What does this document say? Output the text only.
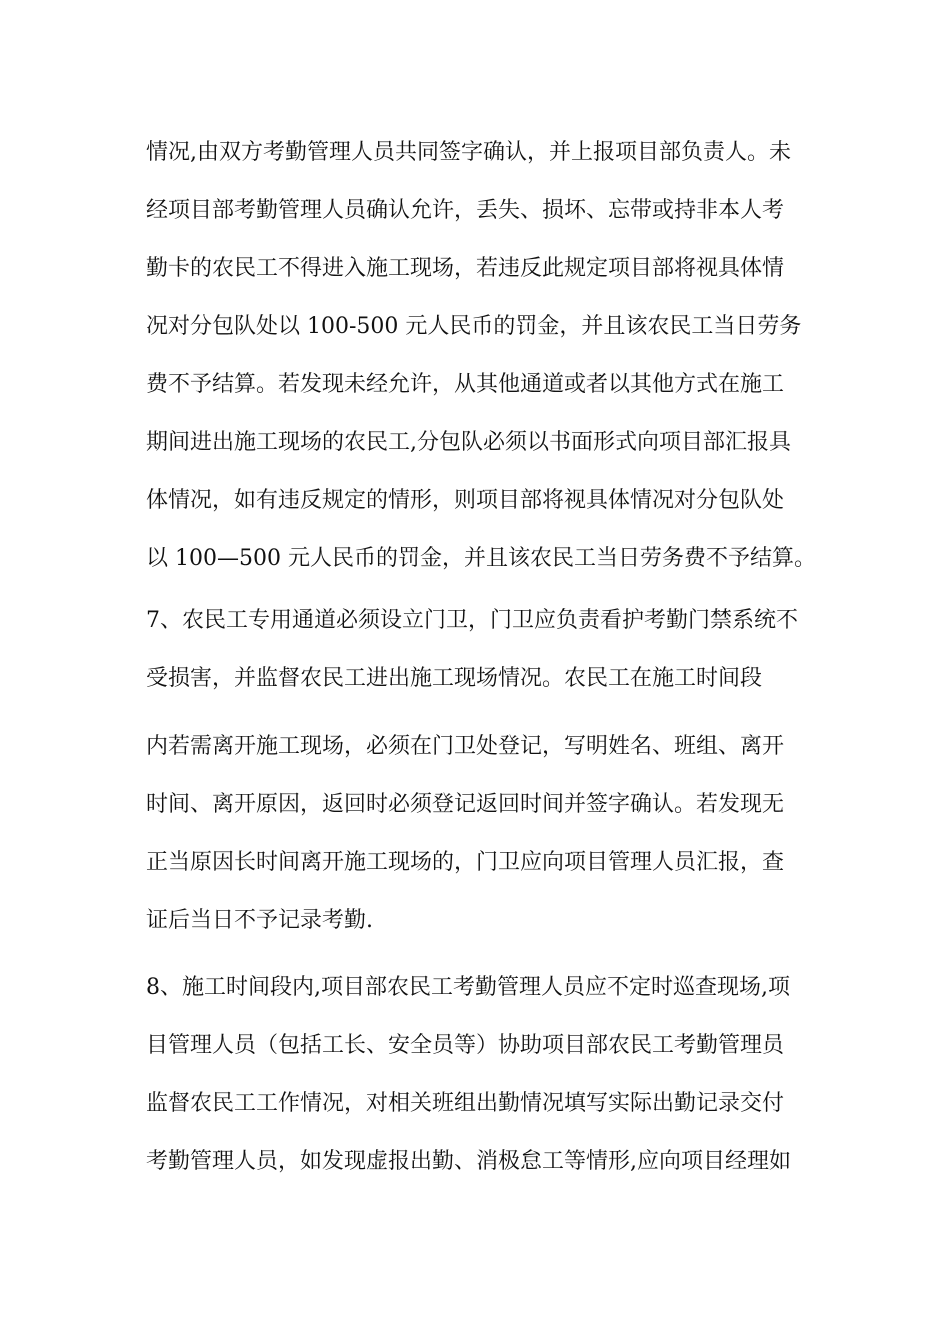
情况,由双方考勤管理人员共同签字确认，并上报项目部负责人。未
经项目部考勤管理人员确认允许，丢失、损坏、忘带或持非本人考
勤卡的农民工不得进入施工现场，若违反此规定项目部将视具体情
况对分包队处以 100-500 元人民币的罚金，并且该农民工当日劳务
费不予结算。若发现未经允许，从其他通道或者以其他方式在施工
期间进出施工现场的农民工,分包队必须以书面形式向项目部汇报具
体情况，如有违反规定的情形，则项目部将视具体情况对分包队处
以 100—500 元人民币的罚金，并且该农民工当日劳务费不予结算。
7、农民工专用通道必须设立门卫，门卫应负责看护考勤门禁系统不
受损害，并监督农民工进出施工现场情况。农民工在施工时间段
内若需离开施工现场，必须在门卫处登记，写明姓名、班组、离开
时间、离开原因，返回时必须登记返回时间并签字确认。若发现无
正当原因长时间离开施工现场的，门卫应向项目管理人员汇报，查
证后当日不予记录考勤.
8、施工时间段内,项目部农民工考勤管理人员应不定时巡查现场,项
目管理人员（包括工长、安全员等）协助项目部农民工考勤管理员
监督农民工工作情况，对相关班组出勤情况填写实际出勤记录交付
考勤管理人员，如发现虚报出勤、消极怠工等情形,应向项目经理如
